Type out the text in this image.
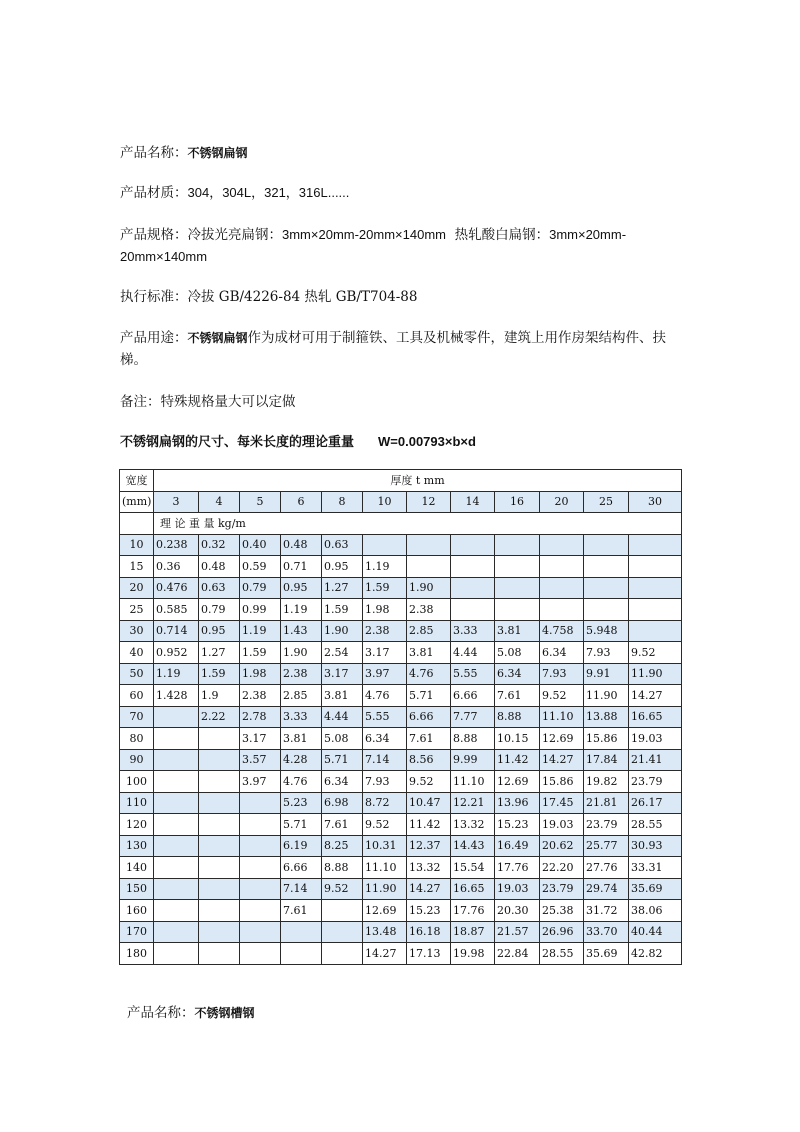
产品名称：不锈钢扁钢
产品材质：304，304L，321，316L......
产品规格：冷拔光亮扁钢：3mm×20mm-20mm×140mm 热轧酸白扁钢：3mm×20mm-20mm×140mm
执行标准：冷拔 GB/4226-84 热轧 GB/T704-88
产品用途：不锈钢扁钢作为成材可用于制箍铁、工具及机械零件，建筑上用作房架结构件、扶梯。
备注：特殊规格量大可以定做
不锈钢扁钢的尺寸、每米长度的理论重量 W=0.00793×b×d
宽度	厚度 t mm											
(mm)	3	4	5	6	8	10	12	14	16	20	25	30
	理 论 重 量 kg/m											
10	0.238	0.32	0.40	0.48	0.63							
15	0.36	0.48	0.59	0.71	0.95	1.19						
20	0.476	0.63	0.79	0.95	1.27	1.59	1.90					
25	0.585	0.79	0.99	1.19	1.59	1.98	2.38					
30	0.714	0.95	1.19	1.43	1.90	2.38	2.85	3.33	3.81	4.758	5.948	
40	0.952	1.27	1.59	1.90	2.54	3.17	3.81	4.44	5.08	6.34	7.93	9.52
50	1.19	1.59	1.98	2.38	3.17	3.97	4.76	5.55	6.34	7.93	9.91	11.90
60	1.428	1.9	2.38	2.85	3.81	4.76	5.71	6.66	7.61	9.52	11.90	14.27
70		2.22	2.78	3.33	4.44	5.55	6.66	7.77	8.88	11.10	13.88	16.65
80			3.17	3.81	5.08	6.34	7.61	8.88	10.15	12.69	15.86	19.03
90			3.57	4.28	5.71	7.14	8.56	9.99	11.42	14.27	17.84	21.41
100			3.97	4.76	6.34	7.93	9.52	11.10	12.69	15.86	19.82	23.79
110				5.23	6.98	8.72	10.47	12.21	13.96	17.45	21.81	26.17
120				5.71	7.61	9.52	11.42	13.32	15.23	19.03	23.79	28.55
130				6.19	8.25	10.31	12.37	14.43	16.49	20.62	25.77	30.93
140				6.66	8.88	11.10	13.32	15.54	17.76	22.20	27.76	33.31
150				7.14	9.52	11.90	14.27	16.65	19.03	23.79	29.74	35.69
160				7.61		12.69	15.23	17.76	20.30	25.38	31.72	38.06
170						13.48	16.18	18.87	21.57	26.96	33.70	40.44
180						14.27	17.13	19.98	22.84	28.55	35.69	42.82
产品名称：不锈钢槽钢
